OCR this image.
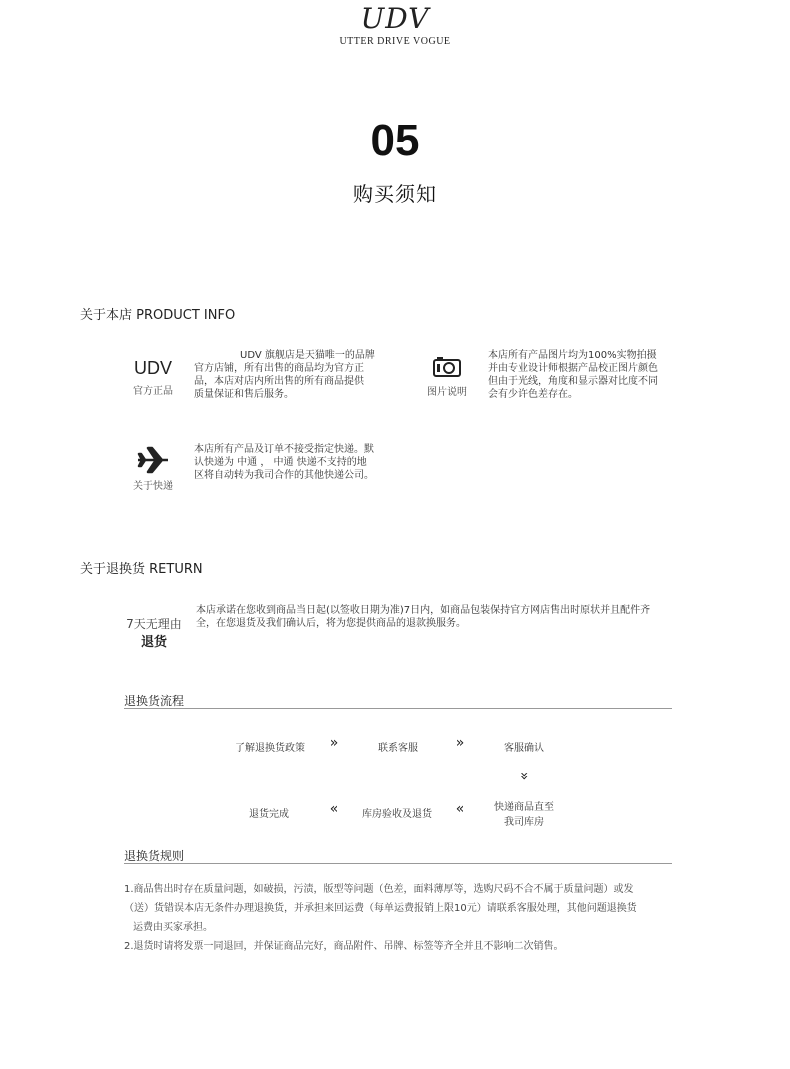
UDV
UTTER DRIVE VOGUE
05
购买须知
关于本店 PRODUCT INFO
UDV
官方正品
UDV 旗舰店是天猫唯一的品牌
官方店铺，所有出售的商品均为官方正
品，本店对店内所出售的所有商品提供
质量保证和售后服务。	图片说明
本店所有产品图片均为100%实物拍摄
并由专业设计师根据产品校正图片颜色
但由于光线，角度和显示器对比度不同
会有少许色差存在。
关于快递
本店所有产品及订单不接受指定快递。默
认快递为 中通 ， 中通 快递不支持的地
区将自动转为我司合作的其他快递公司。
关于退换货 RETURN
7天无理由
退货
本店承诺在您收到商品当日起(以签收日期为准)7日内，如商品包装保持官方网店售出时原状并且配件齐
全，在您退货及我们确认后，将为您提供商品的退款换服务。
退换货流程
了解退换货政策	»	联系客服	»	客服确认
»
快递商品直至
我司库房
«
库房验收及退货
«
退货完成
退换货规则
1.商品售出时存在质量问题，如破损，污渍，版型等问题（色差，面料薄厚等，选购尺码不合不属于质量问题）或发
（送）货错误本店无条件办理退换货，并承担来回运费（每单运费报销上限10元）请联系客服处理，其他问题退换货
运费由买家承担。
2.退货时请将发票一同退回，并保证商品完好，商品附件、吊牌、标签等齐全并且不影响二次销售。
